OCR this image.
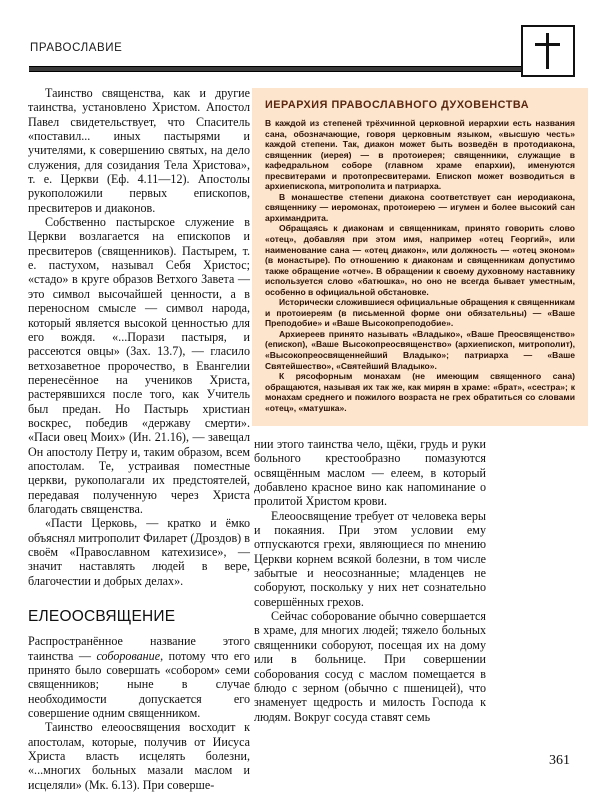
ПРАВОСЛАВИЕ

Таинство священства, как и другие таинства, установлено Христом. Апостол Павел свидетельствует, что Спаситель «поставил... иных пастырями и учителями, к совершению святых, на дело служения, для созидания Тела Христова», т. е. Церкви (Еф. 4.11—12). Апостолы рукоположили первых епископов, пресвитеров и диаконов.

Собственно пастырское служение в Церкви возлагается на епископов и пресвитеров (священников). Пастырем, т. е. пастухом, называл Себя Христос; «стадо» в круге образов Ветхого Завета — это символ высочайшей ценности, а в переносном смысле — символ народа, который является высокой ценностью для его вождя. «...Порази пастыря, и рассеются овцы» (Зах. 13.7), — гласило ветхозаветное пророчество, в Евангелии перенесённое на учеников Христа, растерявшихся после того, как Учитель был предан. Но Пастырь христиан воскрес, победив «державу смерти». «Паси овец Моих» (Ин. 21.16), — завещал Он апостолу Петру и, таким образом, всем апостолам. Те, устраивая поместные церкви, рукополагали их предстоятелей, передавая полученную через Христа благодать священства.

«Пасти Церковь, — кратко и ёмко объяснял митрополит Филарет (Дроздов) в своём «Православном катехизисе», — значит наставлять людей в вере, благочестии и добрых делах».

ЕЛЕООСВЯЩЕНИЕ

Распространённое название этого таинства — соборование, потому что его принято было совершать «собором» семи священников; ныне в случае необходимости допускается его совершение одним священником.

Таинство елеоосвящения восходит к апостолам, которые, получив от Иисуса Христа власть исцелять болезни, «...многих больных мазали маслом и исцеляли» (Мк. 6.13). При соверше-

ИЕРАРХИЯ ПРАВОСЛАВНОГО ДУХОВЕНСТВА

В каждой из степеней трёхчинной церковной иерархии есть названия сана, обозначающие, говоря церковным языком, «высшую честь» каждой степени. Так, диакон может быть возведён в протодиакона, священник (иерея) — в протоиерея; священники, служащие в кафедральном соборе (главном храме епархии), именуются пресвитерами и протопресвитерами. Епископ может возводиться в архиепископа, митрополита и патриарха.

В монашестве степени диакона соответствует сан иеродиакона, священнику — иеромонах, протоиерею — игумен и более высокий сан архимандрита.

Обращаясь к диаконам и священникам, принято говорить слово «отец», добавляя при этом имя, например «отец Георгий», или наименование сана — «отец диакон», или должность — «отец эконом» (в монастыре). По отношению к диаконам и священникам допустимо также обращение «отче». В обращении к своему духовному наставнику используется слово «батюшка», но оно не всегда бывает уместным, особенно в официальной обстановке.

Исторически сложившиеся официальные обращения к священникам и протоиереям (в письменной форме они обязательны) — «Ваше Преподобие» и «Ваше Высокопреподобие».

Архиереев принято называть «Владыко», «Ваше Преосвященство» (епископ), «Ваше Высокопреосвященство» (архиепископ, митрополит), «Высокопреосвященнейший Владыко»; патриарха — «Ваше Святейшество», «Святейший Владыко».

К рясофорным монахам (не имеющим священного сана) обращаются, называя их так же, как мирян в храме: «брат», «сестра»; к монахам среднего и пожилого возраста не грех обратиться со словами «отец», «матушка».

нии этого таинства чело, щёки, грудь и руки больного крестообразно помазуются освящённым маслом — елеем, в который добавлено красное вино как напоминание о пролитой Христом крови.

Елеоосвящение требует от человека веры и покаяния. При этом условии ему отпускаются грехи, являющиеся по мнению Церкви корнем всякой болезни, в том числе забытые и неосознанные; младенцев не соборуют, поскольку у них нет сознательно совершённых грехов.

Сейчас соборование обычно совершается в храме, для многих людей; тяжело больных священники соборуют, посещая их на дому или в больнице. При совершении соборования сосуд с маслом помещается в блюдо с зерном (обычно с пшеницей), что знаменует щедрость и милость Господа к людям. Вокруг сосуда ставят семь

361
